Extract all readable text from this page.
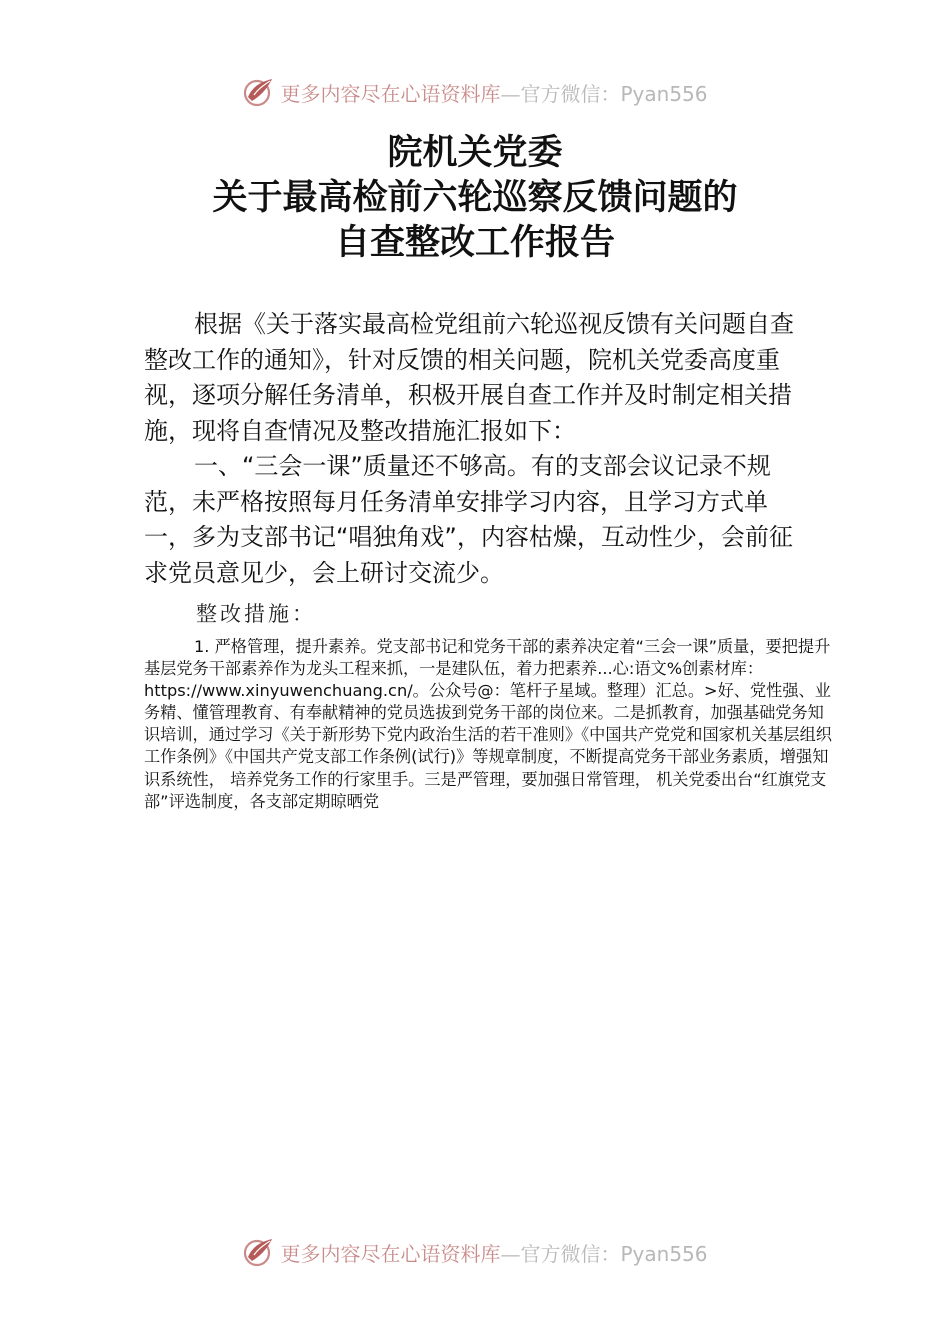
更多内容尽在心语资料库—官方微信：Pyan556
院机关党委
关于最高检前六轮巡察反馈问题的
自查整改工作报告
根据《关于落实最高检党组前六轮巡视反馈有关问题自查整改工作的通知》，针对反馈的相关问题，院机关党委高度重视，逐项分解任务清单，积极开展自查工作并及时制定相关措施，现将自查情况及整改措施汇报如下：
一、“三会一课”质量还不够高。有的支部会议记录不规范，未严格按照每月任务清单安排学习内容，且学习方式单一，多为支部书记“唱独角戏”，内容枯燥，互动性少，会前征求党员意见少，会上研讨交流少。
整改措施：
1. 严格管理，提升素养。党支部书记和党务干部的素养决定着“三会一课”质量，要把提升基层党务干部素养作为龙头工程来抓，一是建队伍，着力把素养...心:语文%创素材库：https://www.xinyuwenchuang.cn/。公众号@：笔杆子星域。整理）汇总。>好、党性强、业务精、懂管理教育、有奉献精神的党员选拔到党务干部的岗位来。二是抓教育，加强基础党务知识培训，通过学习《关于新形势下党内政治生活的若干准则》《中国共产党党和国家机关基层组织工作条例》《中国共产党支部工作条例(试行)》等规章制度，不断提高党务干部业务素质，增强知识系统性， 培养党务工作的行家里手。三是严管理，要加强日常管理， 机关党委出台“红旗党支部”评选制度，各支部定期晾晒党
更多内容尽在心语资料库—官方微信：Pyan556
